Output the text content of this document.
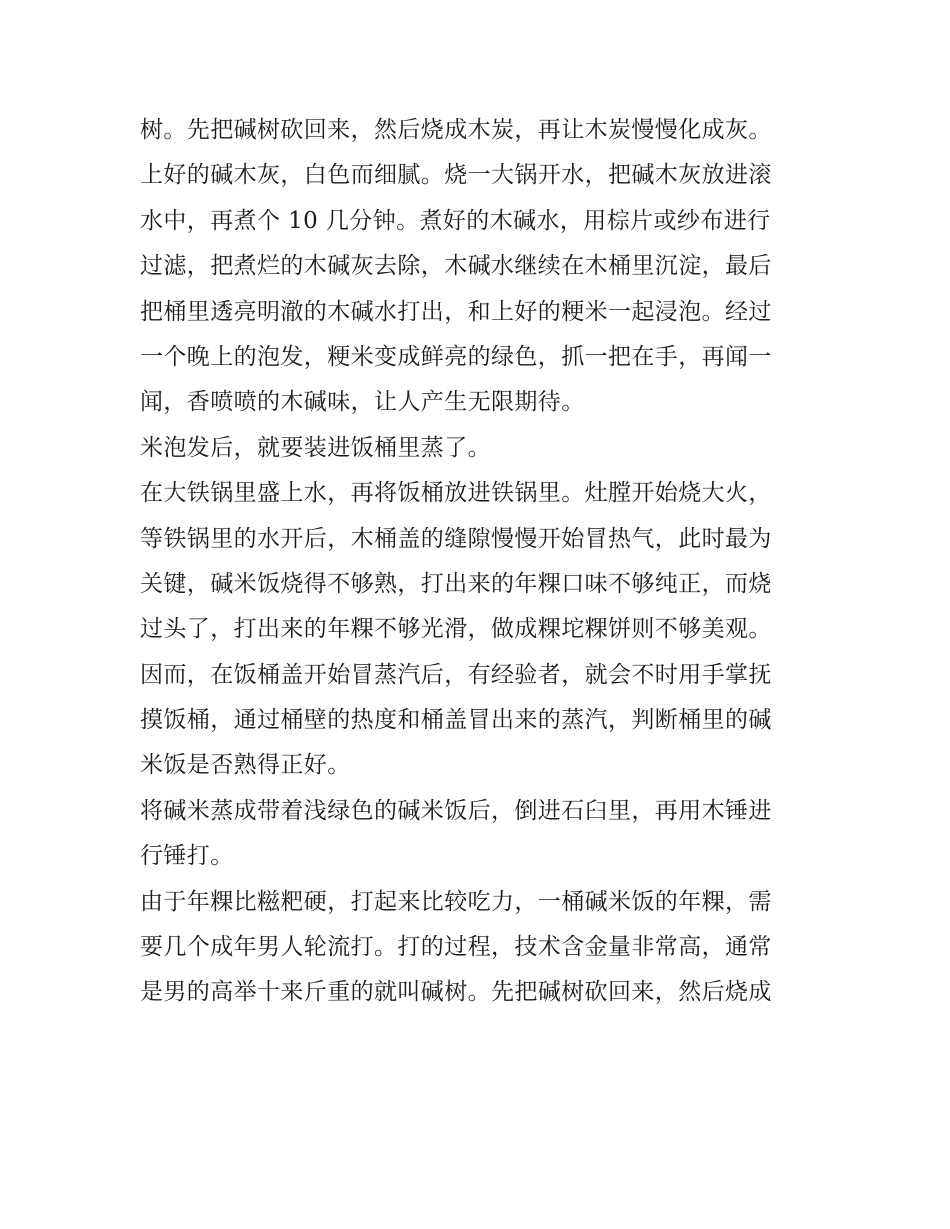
树。先把碱树砍回来，然后烧成木炭，再让木炭慢慢化成灰。
上好的碱木灰，白色而细腻。烧一大锅开水，把碱木灰放进滚
水中，再煮个 10 几分钟。煮好的木碱水，用棕片或纱布进行
过滤，把煮烂的木碱灰去除，木碱水继续在木桶里沉淀，最后
把桶里透亮明澈的木碱水打出，和上好的粳米一起浸泡。经过
一个晚上的泡发，粳米变成鲜亮的绿色，抓一把在手，再闻一
闻，香喷喷的木碱味，让人产生无限期待。
米泡发后，就要装进饭桶里蒸了。
在大铁锅里盛上水，再将饭桶放进铁锅里。灶膛开始烧大火，
等铁锅里的水开后，木桶盖的缝隙慢慢开始冒热气，此时最为
关键，碱米饭烧得不够熟，打出来的年粿口味不够纯正，而烧
过头了，打出来的年粿不够光滑，做成粿坨粿饼则不够美观。
因而，在饭桶盖开始冒蒸汽后，有经验者，就会不时用手掌抚
摸饭桶，通过桶壁的热度和桶盖冒出来的蒸汽，判断桶里的碱
米饭是否熟得正好。
将碱米蒸成带着浅绿色的碱米饭后，倒进石臼里，再用木锤进
行锤打。
由于年粿比糍粑硬，打起来比较吃力，一桶碱米饭的年粿，需
要几个成年男人轮流打。打的过程，技术含金量非常高，通常
是男的高举十来斤重的就叫碱树。先把碱树砍回来，然后烧成
